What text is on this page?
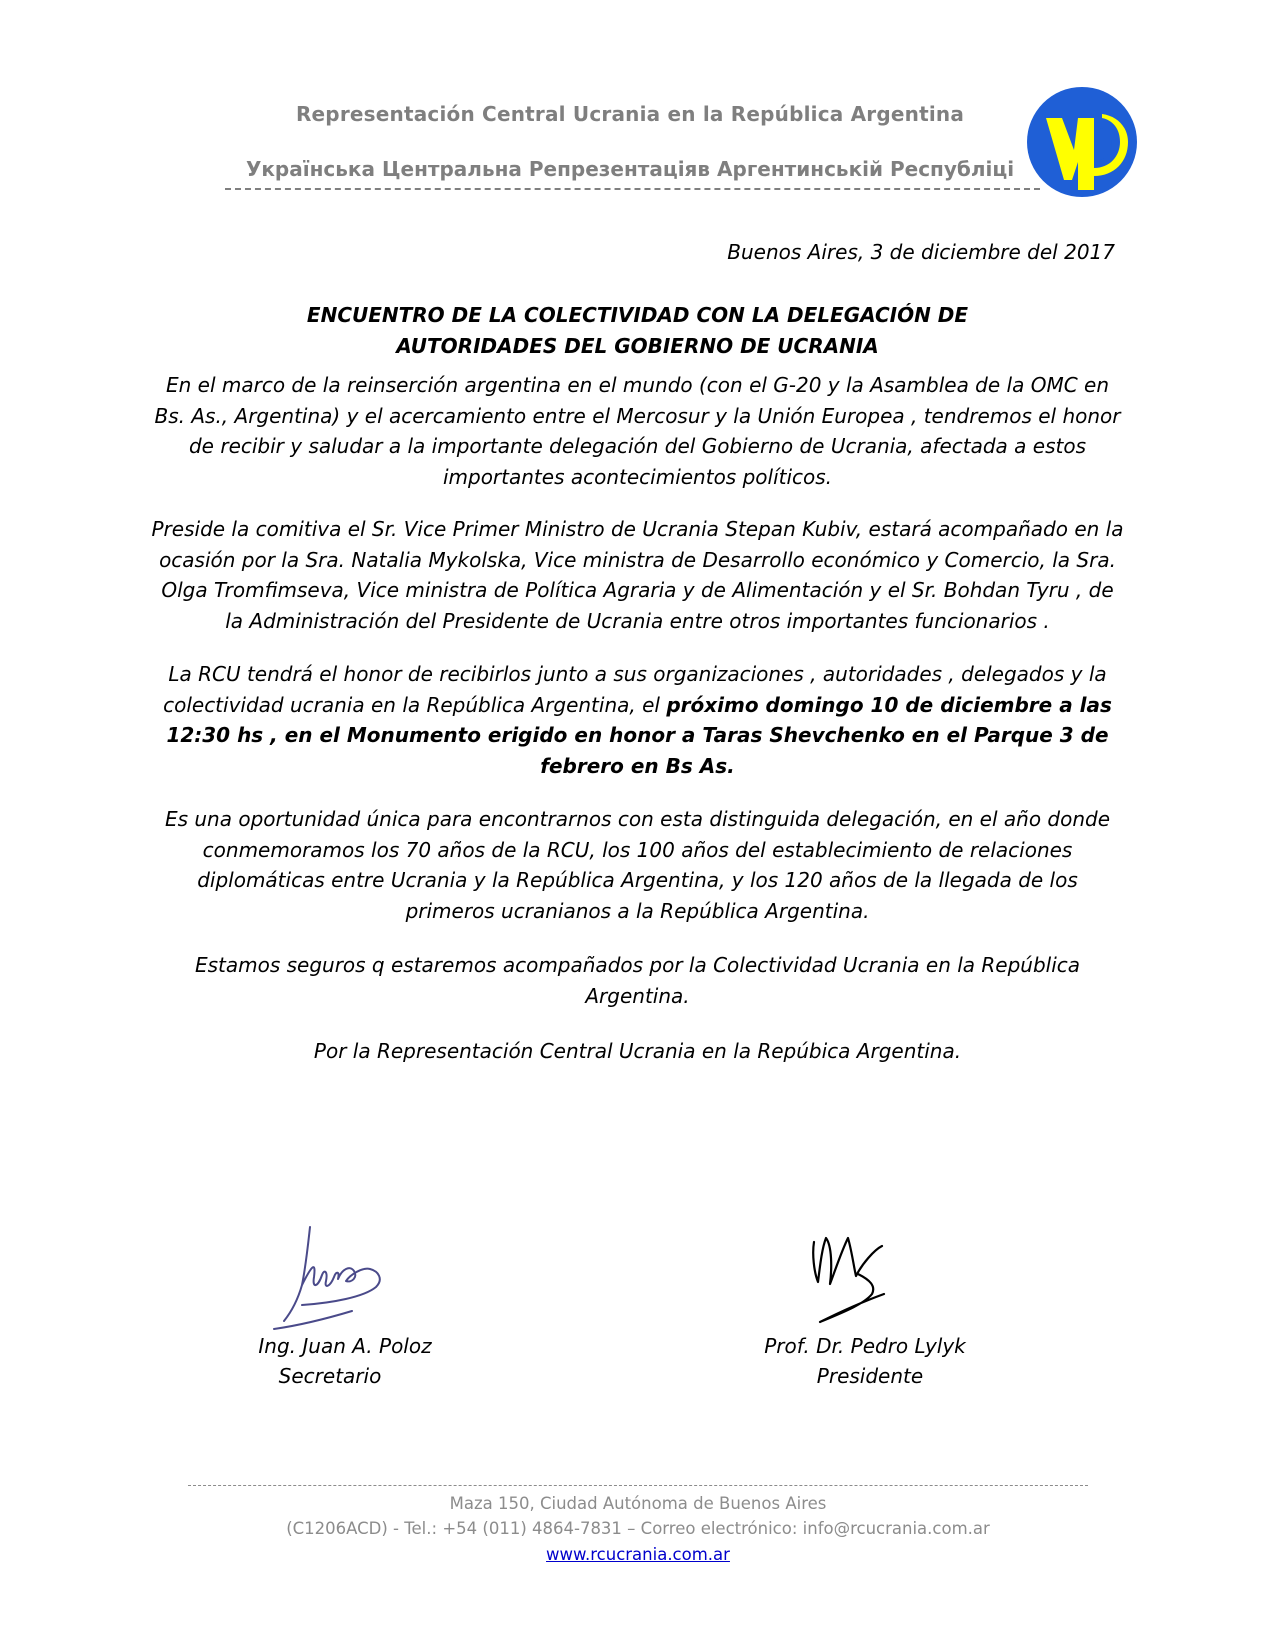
Representación Central Ucrania en la República Argentina
Українська Центральна Репрезентаціяв Аргентинській Республіці
Buenos Aires, 3 de diciembre del 2017
ENCUENTRO DE LA COLECTIVIDAD CON LA DELEGACIÓN DE
AUTORIDADES DEL GOBIERNO DE UCRANIA
En el marco de la reinserción argentina en el mundo (con el G-20 y la Asamblea de la OMC en Bs. As., Argentina) y el acercamiento entre el Mercosur y la Unión Europea , tendremos el honor de recibir y saludar a la importante delegación del Gobierno de Ucrania, afectada a estos importantes acontecimientos políticos.
Preside la comitiva el Sr. Vice Primer Ministro de Ucrania Stepan Kubiv, estará acompañado en la ocasión por la Sra. Natalia Mykolska, Vice ministra de Desarrollo económico y Comercio, la Sra. Olga Tromfimseva, Vice ministra de Política Agraria y de Alimentación y el Sr. Bohdan Tyru , de la Administración del Presidente de Ucrania entre otros importantes funcionarios .
La RCU tendrá el honor de recibirlos junto a sus organizaciones , autoridades , delegados y la colectividad ucrania en la República Argentina, el próximo domingo 10 de diciembre a las 12:30 hs , en el Monumento erigido en honor a Taras Shevchenko en el Parque 3 de febrero en Bs As.
Es una oportunidad única para encontrarnos con esta distinguida delegación, en el año donde conmemoramos los 70 años de la RCU, los 100 años del establecimiento de relaciones diplomáticas entre Ucrania y la República Argentina, y los 120 años de la llegada de los primeros ucranianos a la República Argentina.
Estamos seguros q estaremos acompañados por la Colectividad Ucrania en la República Argentina.
Por la Representación Central Ucrania en la Repúbica Argentina.
Ing. Juan A. Poloz
Secretario
Prof. Dr. Pedro Lylyk
Presidente
Maza 150, Ciudad Autónoma de Buenos Aires
(C1206ACD) - Tel.: +54 (011) 4864-7831 – Correo electrónico: info@rcucrania.com.ar
www.rcucrania.com.ar
